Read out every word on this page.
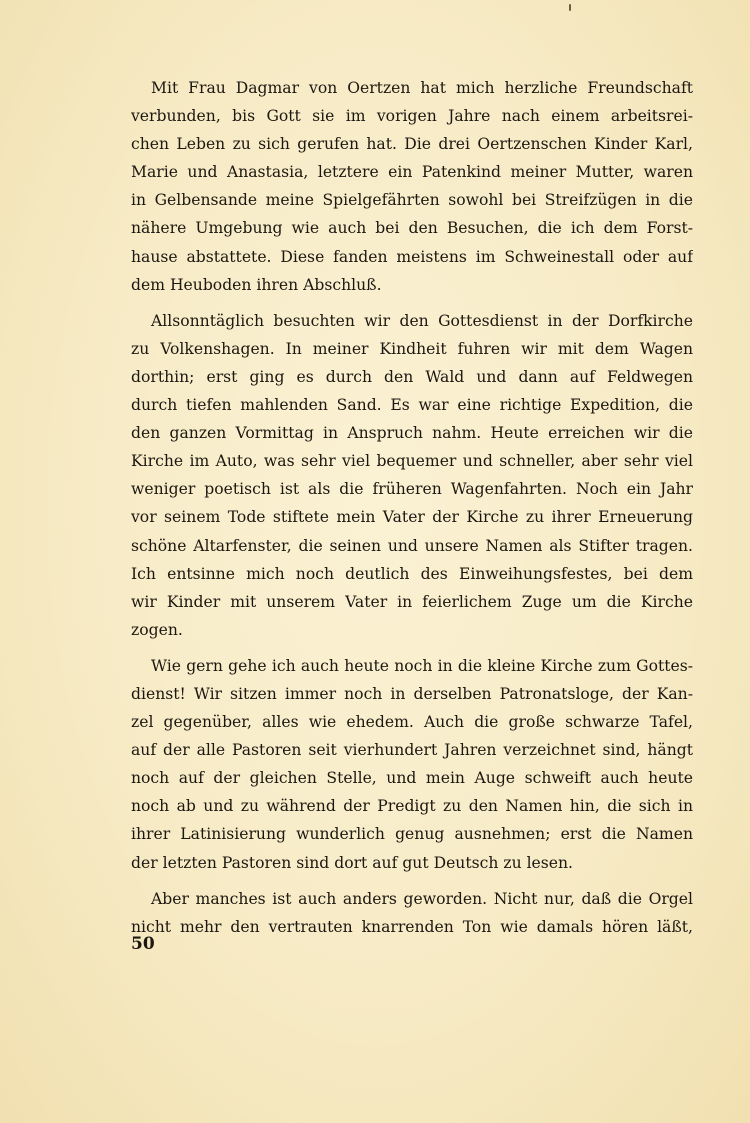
Mit Frau Dagmar von Oertzen hat mich herzliche Freundschaft
verbunden, bis Gott sie im vorigen Jahre nach einem arbeitsrei-
chen Leben zu sich gerufen hat. Die drei Oertzenschen Kinder Karl,
Marie und Anastasia, letztere ein Patenkind meiner Mutter, waren
in Gelbensande meine Spielgefährten sowohl bei Streifzügen in die
nähere Umgebung wie auch bei den Besuchen, die ich dem Forst-
hause abstattete. Diese fanden meistens im Schweinestall oder auf
dem Heuboden ihren Abschluß.

Allsonntäglich besuchten wir den Gottesdienst in der Dorfkirche
zu Volkenshagen. In meiner Kindheit fuhren wir mit dem Wagen
dorthin; erst ging es durch den Wald und dann auf Feldwegen
durch tiefen mahlenden Sand. Es war eine richtige Expedition, die
den ganzen Vormittag in Anspruch nahm. Heute erreichen wir die
Kirche im Auto, was sehr viel bequemer und schneller, aber sehr viel
weniger poetisch ist als die früheren Wagenfahrten. Noch ein Jahr
vor seinem Tode stiftete mein Vater der Kirche zu ihrer Erneuerung
schöne Altarfenster, die seinen und unsere Namen als Stifter tragen.
Ich entsinne mich noch deutlich des Einweihungsfestes, bei dem
wir Kinder mit unserem Vater in feierlichem Zuge um die Kirche
zogen.

Wie gern gehe ich auch heute noch in die kleine Kirche zum Gottes-
dienst! Wir sitzen immer noch in derselben Patronatsloge, der Kan-
zel gegenüber, alles wie ehedem. Auch die große schwarze Tafel,
auf der alle Pastoren seit vierhundert Jahren verzeichnet sind, hängt
noch auf der gleichen Stelle, und mein Auge schweift auch heute
noch ab und zu während der Predigt zu den Namen hin, die sich in
ihrer Latinisierung wunderlich genug ausnehmen; erst die Namen
der letzten Pastoren sind dort auf gut Deutsch zu lesen.

Aber manches ist auch anders geworden. Nicht nur, daß die Orgel
nicht mehr den vertrauten knarrenden Ton wie damals hören läßt,

50
